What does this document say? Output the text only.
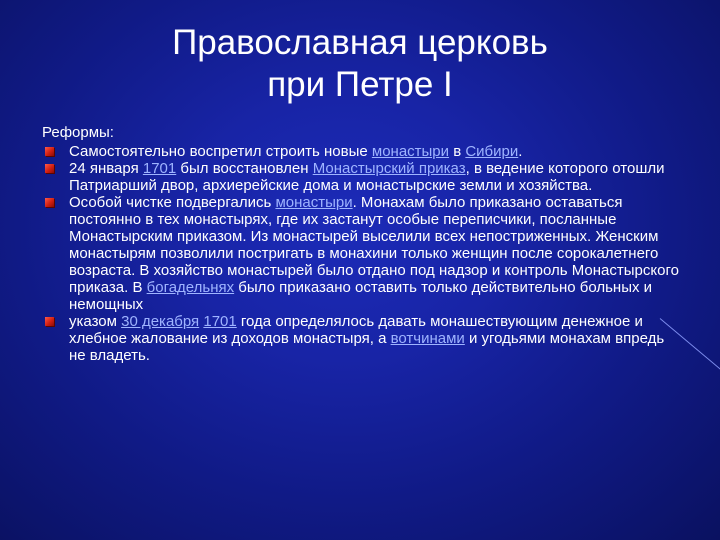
Православная церковь
при Петре I

Реформы:

Самостоятельно воспретил строить новые монастыри в Сибири.

24 января 1701 был восстановлен Монастырский приказ, в ведение которого отошли Патриарший двор, архиерейские дома и монастырские земли и хозяйства.

Особой чистке подвергались монастыри. Монахам было приказано оставаться постоянно в тех монастырях, где их застанут особые переписчики, посланные Монастырским приказом. Из монастырей выселили всех непостриженных. Женским монастырям позволили постригать в монахини только женщин после сорокалетнего возраста. В хозяйство монастырей было отдано под надзор и контроль Монастырского приказа. В богадельнях было приказано оставить только действительно больных и немощных

указом 30 декабря 1701 года определялось давать монашествующим денежное и хлебное жалование из доходов монастыря, а вотчинами и угодьями монахам впредь не владеть.
